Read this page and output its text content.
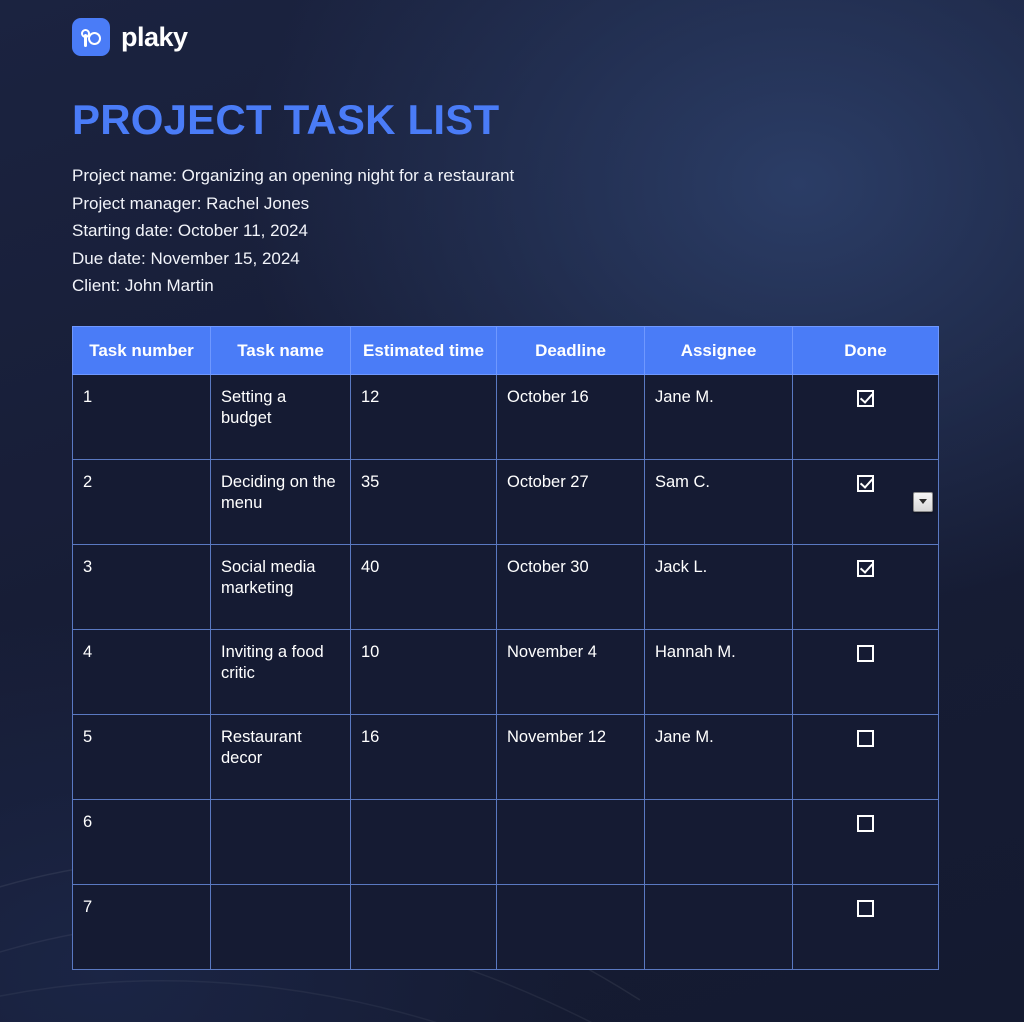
plaky
PROJECT TASK LIST
Project name: Organizing an opening night for a restaurant
Project manager: Rachel Jones
Starting date: October 11, 2024
Due date: November 15, 2024
Client: John Martin
Task number	Task name	Estimated time	Deadline	Assignee	Done
1	Setting a budget	12	October 16	Jane M.	
2	Deciding on the menu	35	October 27	Sam C.	
3	Social media marketing	40	October 30	Jack L.	
4	Inviting a food critic	10	November 4	Hannah M.	
5	Restaurant decor	16	November 12	Jane M.	
6					
7					
